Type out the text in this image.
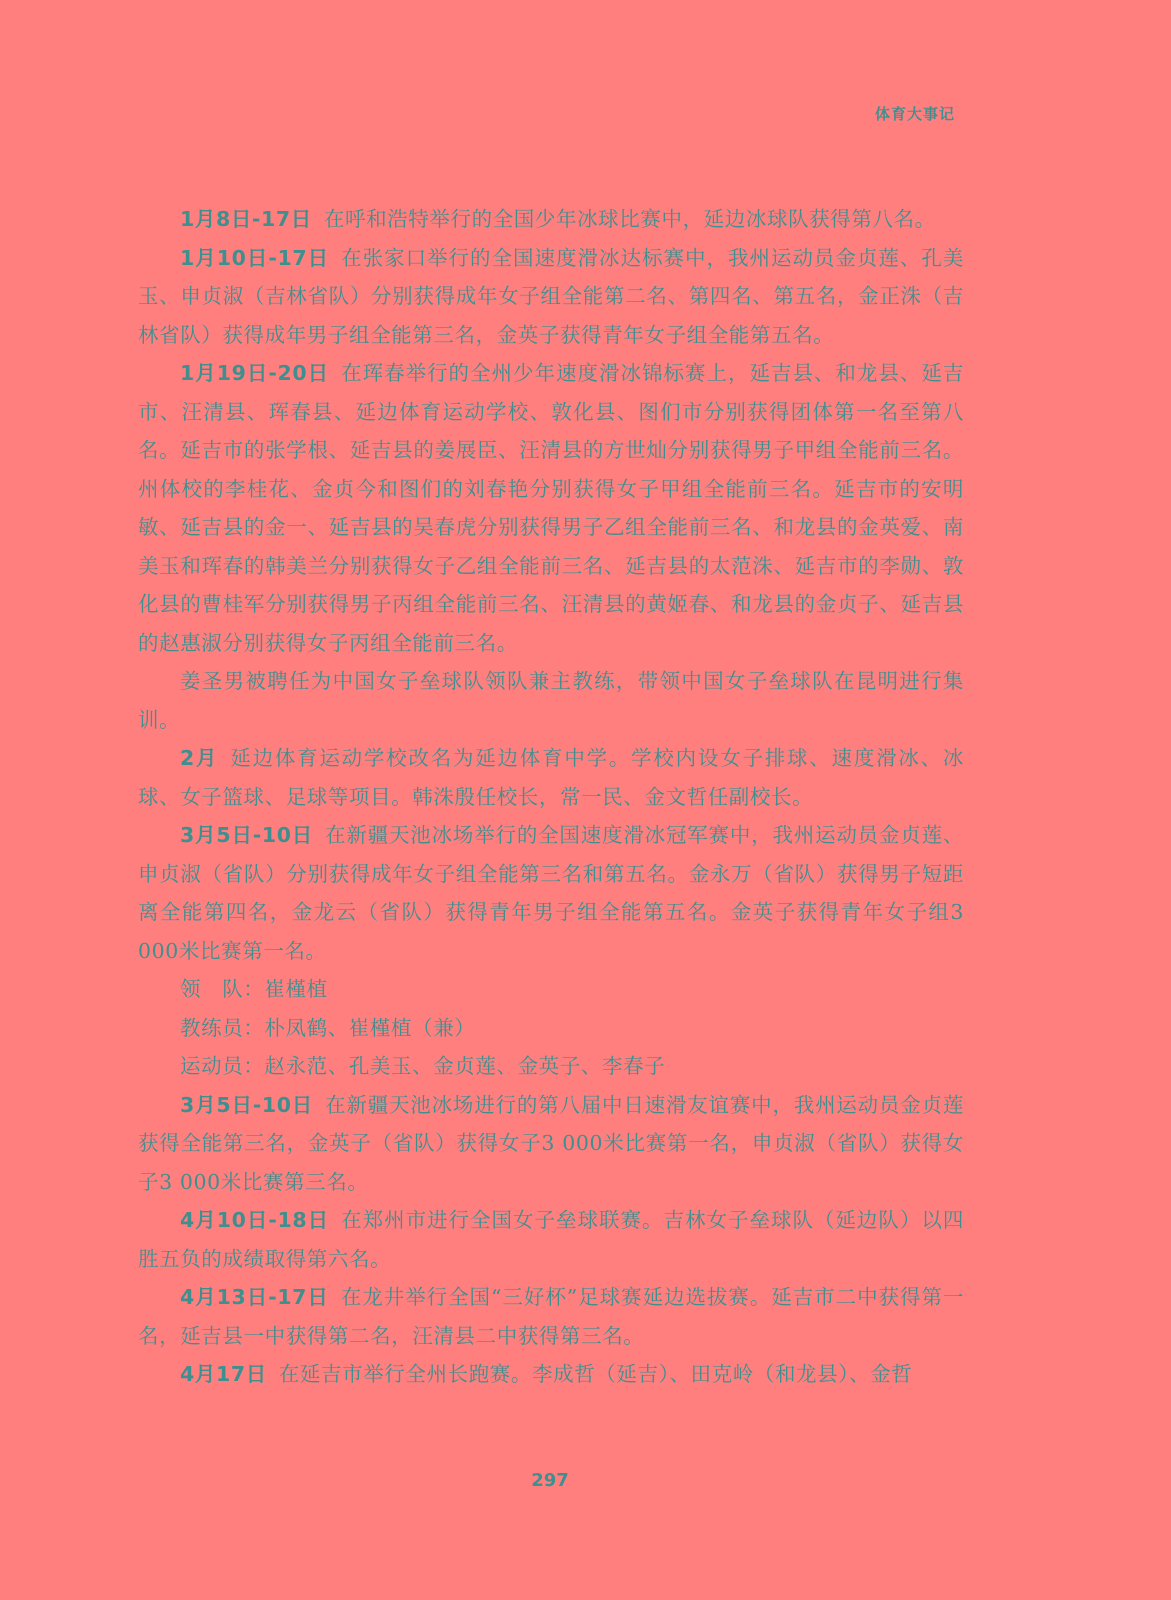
体育大事记

1月8日-17日 在呼和浩特举行的全国少年冰球比赛中，延边冰球队获得第八名。

1月10日-17日 在张家口举行的全国速度滑冰达标赛中，我州运动员金贞莲、孔美玉、申贞淑（吉林省队）分别获得成年女子组全能第二名、第四名、第五名，金正洙（吉林省队）获得成年男子组全能第三名，金英子获得青年女子组全能第五名。

1月19日-20日 在珲春举行的全州少年速度滑冰锦标赛上，延吉县、和龙县、延吉市、汪清县、珲春县、延边体育运动学校、敦化县、图们市分别获得团体第一名至第八名。延吉市的张学根、延吉县的姜展臣、汪清县的方世灿分别获得男子甲组全能前三名。州体校的李桂花、金贞今和图们的刘春艳分别获得女子甲组全能前三名。延吉市的安明敏、延吉县的金一、延吉县的吴春虎分别获得男子乙组全能前三名、和龙县的金英爱、南美玉和珲春的韩美兰分别获得女子乙组全能前三名、延吉县的太范洙、延吉市的李勋、敦化县的曹桂军分别获得男子丙组全能前三名、汪清县的黄姬春、和龙县的金贞子、延吉县的赵惠淑分别获得女子丙组全能前三名。

姜圣男被聘任为中国女子垒球队领队兼主教练，带领中国女子垒球队在昆明进行集训。

2月 延边体育运动学校改名为延边体育中学。学校内设女子排球、速度滑冰、冰球、女子篮球、足球等项目。韩洙殷任校长，常一民、金文哲任副校长。

3月5日-10日 在新疆天池冰场举行的全国速度滑冰冠军赛中，我州运动员金贞莲、申贞淑（省队）分别获得成年女子组全能第三名和第五名。金永万（省队）获得男子短距离全能第四名，金龙云（省队）获得青年男子组全能第五名。金英子获得青年女子组3 000米比赛第一名。

领　队：崔槿植

教练员：朴凤鹤、崔槿植（兼）

运动员：赵永范、孔美玉、金贞莲、金英子、李春子

3月5日-10日 在新疆天池冰场进行的第八届中日速滑友谊赛中，我州运动员金贞莲获得全能第三名，金英子（省队）获得女子3 000米比赛第一名，申贞淑（省队）获得女子3 000米比赛第三名。

4月10日-18日 在郑州市进行全国女子垒球联赛。吉林女子垒球队（延边队）以四胜五负的成绩取得第六名。

4月13日-17日 在龙井举行全国“三好杯”足球赛延边选拔赛。延吉市二中获得第一名，延吉县一中获得第二名，汪清县二中获得第三名。

4月17日 在延吉市举行全州长跑赛。李成哲（延吉）、田克岭（和龙县）、金哲

297
